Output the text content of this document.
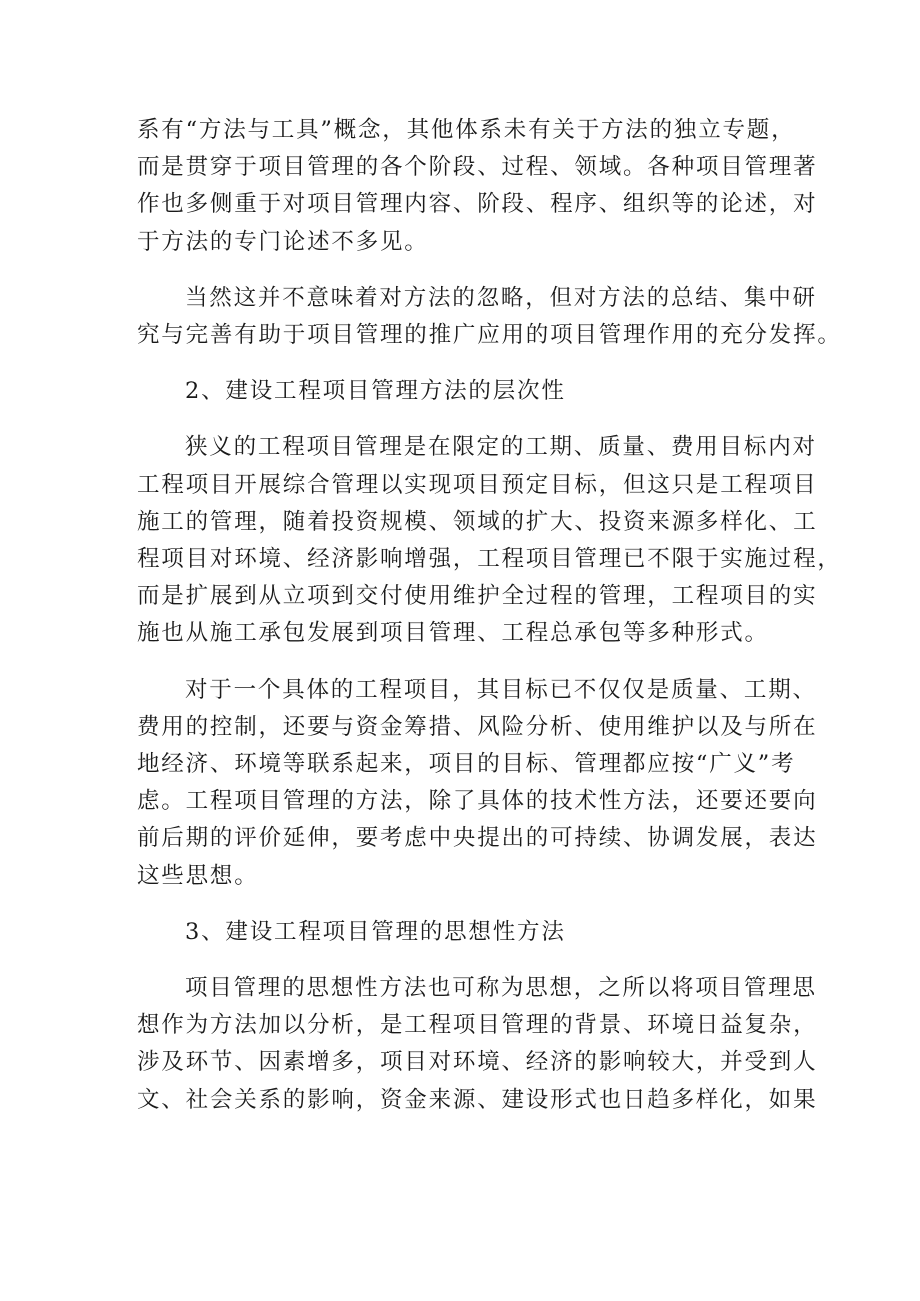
系有“方法与工具”概念，其他体系未有关于方法的独立专题，
而是贯穿于项目管理的各个阶段、过程、领域。各种项目管理著
作也多侧重于对项目管理内容、阶段、程序、组织等的论述，对
于方法的专门论述不多见。

当然这并不意味着对方法的忽略，但对方法的总结、集中研
究与完善有助于项目管理的推广应用的项目管理作用的充分发挥。

2、建设工程项目管理方法的层次性

狭义的工程项目管理是在限定的工期、质量、费用目标内对
工程项目开展综合管理以实现项目预定目标，但这只是工程项目
施工的管理，随着投资规模、领域的扩大、投资来源多样化、工
程项目对环境、经济影响增强，工程项目管理已不限于实施过程，
而是扩展到从立项到交付使用维护全过程的管理，工程项目的实
施也从施工承包发展到项目管理、工程总承包等多种形式。

对于一个具体的工程项目，其目标已不仅仅是质量、工期、
费用的控制，还要与资金筹措、风险分析、使用维护以及与所在
地经济、环境等联系起来，项目的目标、管理都应按“广义”考
虑。工程项目管理的方法，除了具体的技术性方法，还要还要向
前后期的评价延伸，要考虑中央提出的可持续、协调发展，表达
这些思想。

3、建设工程项目管理的思想性方法

项目管理的思想性方法也可称为思想，之所以将项目管理思
想作为方法加以分析，是工程项目管理的背景、环境日益复杂，
涉及环节、因素增多，项目对环境、经济的影响较大，并受到人
文、社会关系的影响，资金来源、建设形式也日趋多样化，如果
